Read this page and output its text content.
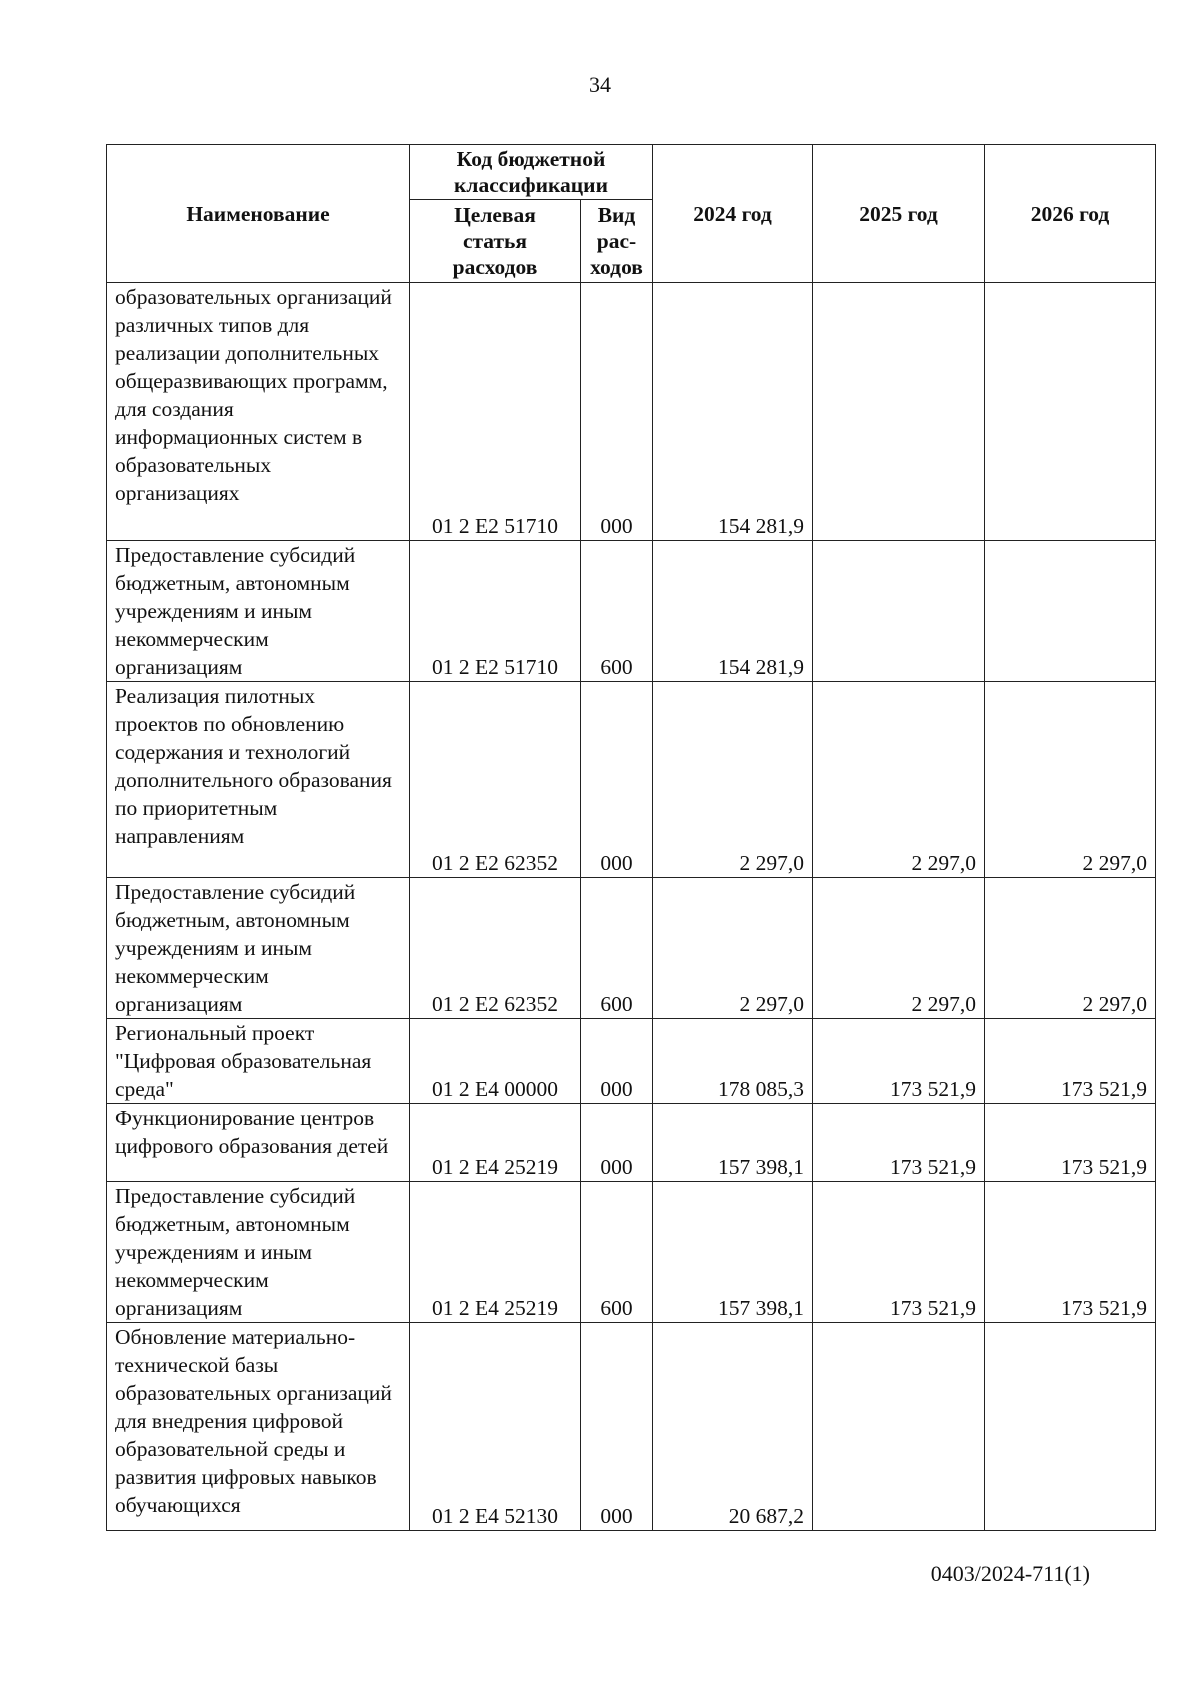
34
Наименование	Код бюджетной классификации		2024 год	2025 год	2026 год
	Целевая статья расходов	Вид рас-ходов			
образовательных организаций различных типов для реализации дополнительных общеразвивающих программ, для создания информационных систем в образовательных организациях	01 2 E2 51710	000	154 281,9		
Предоставление субсидий бюджетным, автономным учреждениям и иным некоммерческим организациям	01 2 E2 51710	600	154 281,9		
Реализация пилотных проектов по обновлению содержания и технологий дополнительного образования по приоритетным направлениям	01 2 E2 62352	000	2 297,0	2 297,0	2 297,0
Предоставление субсидий бюджетным, автономным учреждениям и иным некоммерческим организациям	01 2 E2 62352	600	2 297,0	2 297,0	2 297,0
Региональный проект "Цифровая образовательная среда"	01 2 E4 00000	000	178 085,3	173 521,9	173 521,9
Функционирование центров цифрового образования детей	01 2 E4 25219	000	157 398,1	173 521,9	173 521,9
Предоставление субсидий бюджетным, автономным учреждениям и иным некоммерческим организациям	01 2 E4 25219	600	157 398,1	173 521,9	173 521,9
Обновление материально-технической базы образовательных организаций для внедрения цифровой образовательной среды и развития цифровых навыков обучающихся	01 2 E4 52130	000	20 687,2		
0403/2024-711(1)
